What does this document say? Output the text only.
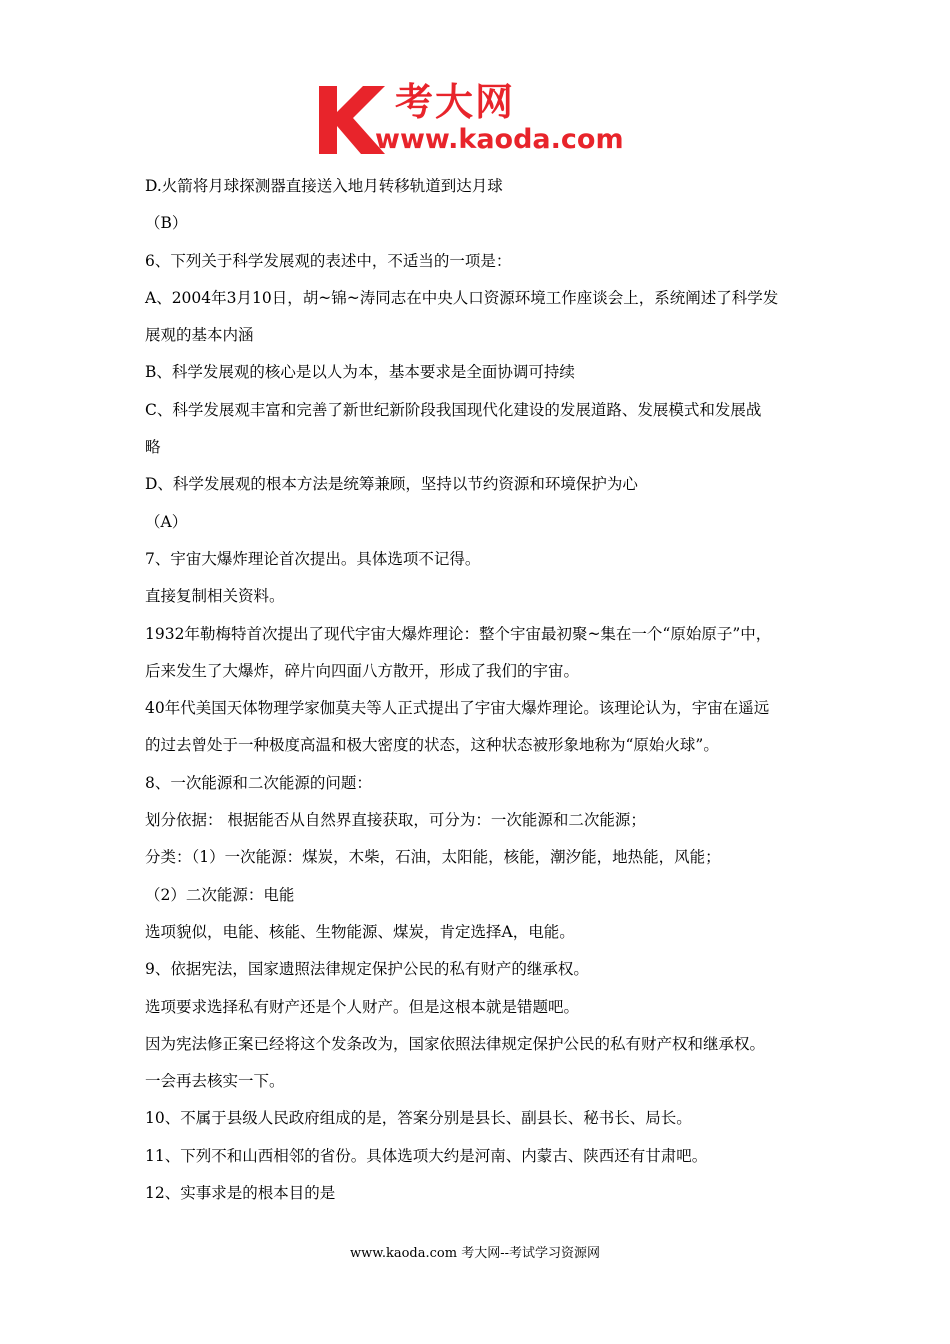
考大网
www.kaoda.com
D.火箭将月球探测器直接送入地月转移轨道到达月球
（B）
6、下列关于科学发展观的表述中，不适当的一项是：
A、2004年3月10日，胡~锦~涛同志在中央人口资源环境工作座谈会上，系统阐述了科学发
展观的基本内涵
B、科学发展观的核心是以人为本，基本要求是全面协调可持续
C、科学发展观丰富和完善了新世纪新阶段我国现代化建设的发展道路、发展模式和发展战
略
D、科学发展观的根本方法是统筹兼顾，坚持以节约资源和环境保护为心
（A）
7、宇宙大爆炸理论首次提出。具体选项不记得。
直接复制相关资料。
1932年勒梅特首次提出了现代宇宙大爆炸理论：整个宇宙最初聚~集在一个“原始原子”中，
后来发生了大爆炸，碎片向四面八方散开，形成了我们的宇宙。
40年代美国天体物理学家伽莫夫等人正式提出了宇宙大爆炸理论。该理论认为，宇宙在遥远
的过去曾处于一种极度高温和极大密度的状态，这种状态被形象地称为“原始火球”。
8、一次能源和二次能源的问题：
划分依据： 根据能否从自然界直接获取，可分为：一次能源和二次能源；
分类：（1）一次能源：煤炭，木柴，石油，太阳能，核能，潮汐能，地热能，风能；
（2）二次能源：电能
选项貌似，电能、核能、生物能源、煤炭，肯定选择A，电能。
9、依据宪法，国家遗照法律规定保护公民的私有财产的继承权。
选项要求选择私有财产还是个人财产。但是这根本就是错题吧。
因为宪法修正案已经将这个发条改为，国家依照法律规定保护公民的私有财产权和继承权。
一会再去核实一下。
10、不属于县级人民政府组成的是，答案分别是县长、副县长、秘书长、局长。
11、下列不和山西相邻的省份。具体选项大约是河南、内蒙古、陕西还有甘肃吧。
12、实事求是的根本目的是
www.kaoda.com 考大网--考试学习资源网
